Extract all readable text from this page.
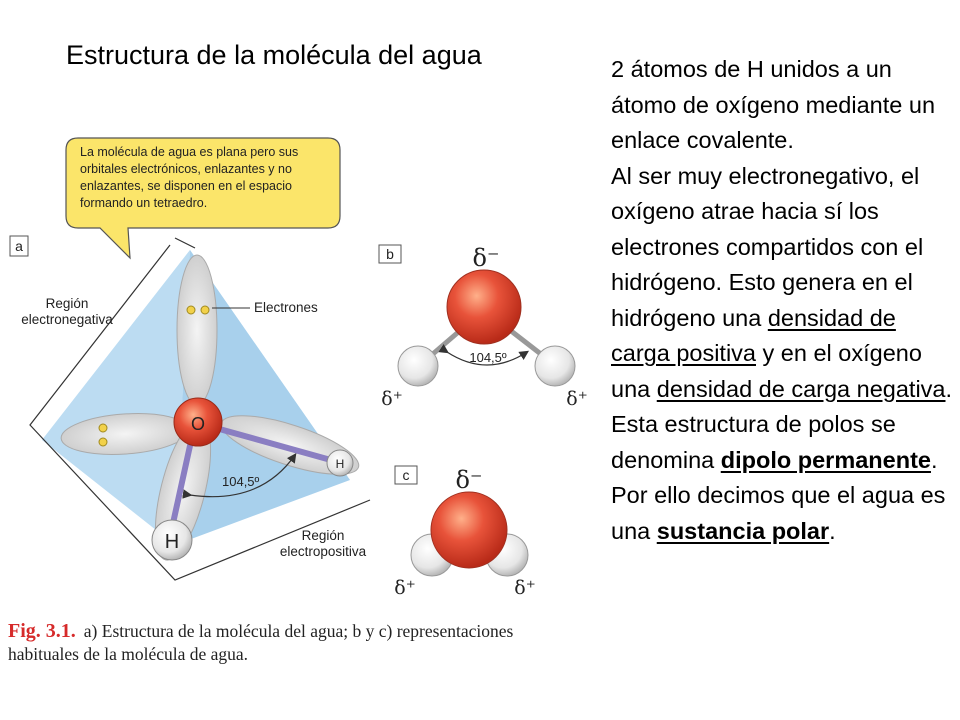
Estructura de la molécula del agua	2 átomos de H unidos a un átomo de oxígeno mediante un enlace covalente.

Al ser muy electronegativo, el oxígeno atrae hacia sí los electrones compartidos con el hidrógeno. Esto genera en el hidrógeno una densidad de carga positiva y en el oxígeno una densidad de carga negativa. Esta estructura de polos se denomina dipolo permanente. Por ello decimos que el agua es una sustancia polar.

O
H
H
104,5º
a	b
104,5º
δ⁻
δ⁺	δ⁺
c δ⁻
δ⁺	δ⁺
La molécula de agua es plana pero sus orbitales electrónicos, enlazantes y no enlazantes, se disponen en el espacio formando un tetraedro.
Región electronegativa
Electrones
Región electropositiva
Fig. 3.1. a) Estructura de la molécula del agua; b y c) representaciones habituales de la molécula de agua.
